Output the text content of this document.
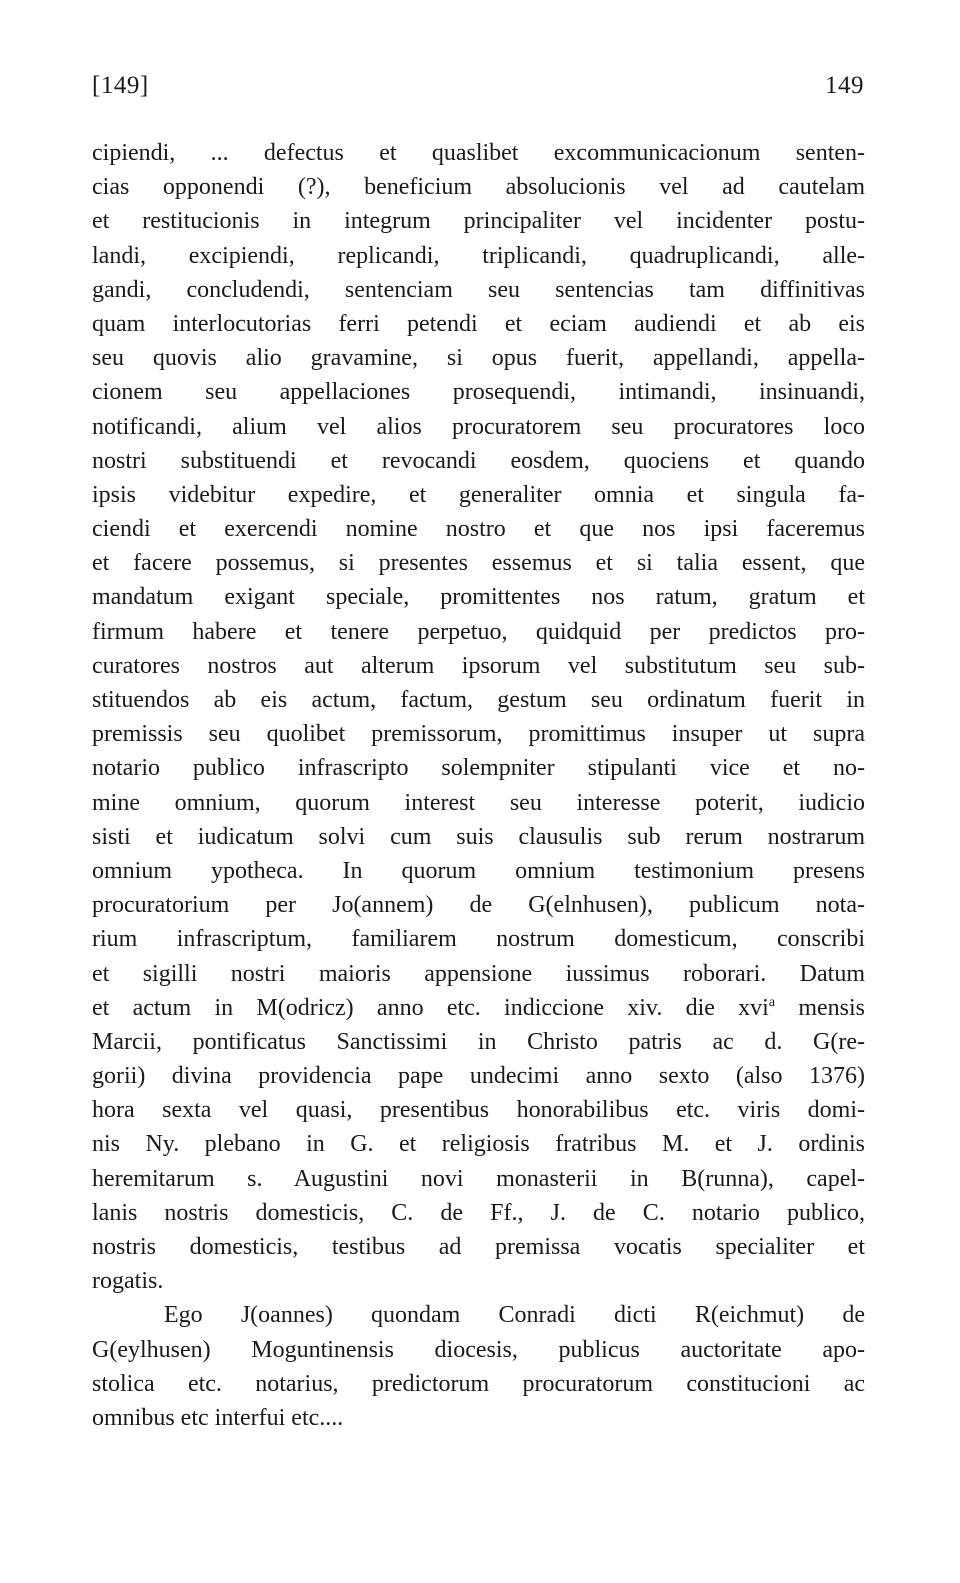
[149]	149
cipiendi, ... defectus et quaslibet excommunicacionum senten-
cias opponendi (?), beneficium absolucionis vel ad cautelam
et restitucionis in integrum principaliter vel incidenter postu-
landi, excipiendi, replicandi, triplicandi, quadruplicandi, alle-
gandi, concludendi, sentenciam seu sentencias tam diffinitivas
quam interlocutorias ferri petendi et eciam audiendi et ab eis
seu quovis alio gravamine, si opus fuerit, appellandi, appella-
cionem seu appellaciones prosequendi, intimandi, insinuandi,
notificandi, alium vel alios procuratorem seu procuratores loco
nostri substituendi et revocandi eosdem, quociens et quando
ipsis videbitur expedire, et generaliter omnia et singula fa-
ciendi et exercendi nomine nostro et que nos ipsi faceremus
et facere possemus, si presentes essemus et si talia essent, que
mandatum exigant speciale, promittentes nos ratum, gratum et
firmum habere et tenere perpetuo, quidquid per predictos pro-
curatores nostros aut alterum ipsorum vel substitutum seu sub-
stituendos ab eis actum, factum, gestum seu ordinatum fuerit in
premissis seu quolibet premissorum, promittimus insuper ut supra
notario publico infrascripto solempniter stipulanti vice et no-
mine omnium, quorum interest seu interesse poterit, iudicio
sisti et iudicatum solvi cum suis clausulis sub rerum nostrarum
omnium ypotheca. In quorum omnium testimonium presens
procuratorium per Jo(annem) de G(elnhusen), publicum nota-
rium infrascriptum, familiarem nostrum domesticum, conscribi
et sigilli nostri maioris appensione iussimus roborari. Datum
et actum in M(odricz) anno etc. indiccione xiv. die xvi$^a$ mensis
Marcii, pontificatus Sanctissimi in Christo patris ac d. G(re-
gorii) divina providencia pape undecimi anno sexto (also 1376)
hora sexta vel quasi, presentibus honorabilibus etc. viris domi-
nis Ny. plebano in G. et religiosis fratribus M. et J. ordinis
heremitarum s. Augustini novi monasterii in B(runna), capel-
lanis nostris domesticis, C. de Ff., J. de C. notario publico,
nostris domesticis, testibus ad premissa vocatis specialiter et
rogatis.
Ego J(oannes) quondam Conradi dicti R(eichmut) de
G(eylhusen) Moguntinensis diocesis, publicus auctoritate apo-
stolica etc. notarius, predictorum procuratorum constitucioni ac
omnibus etc interfui etc....
